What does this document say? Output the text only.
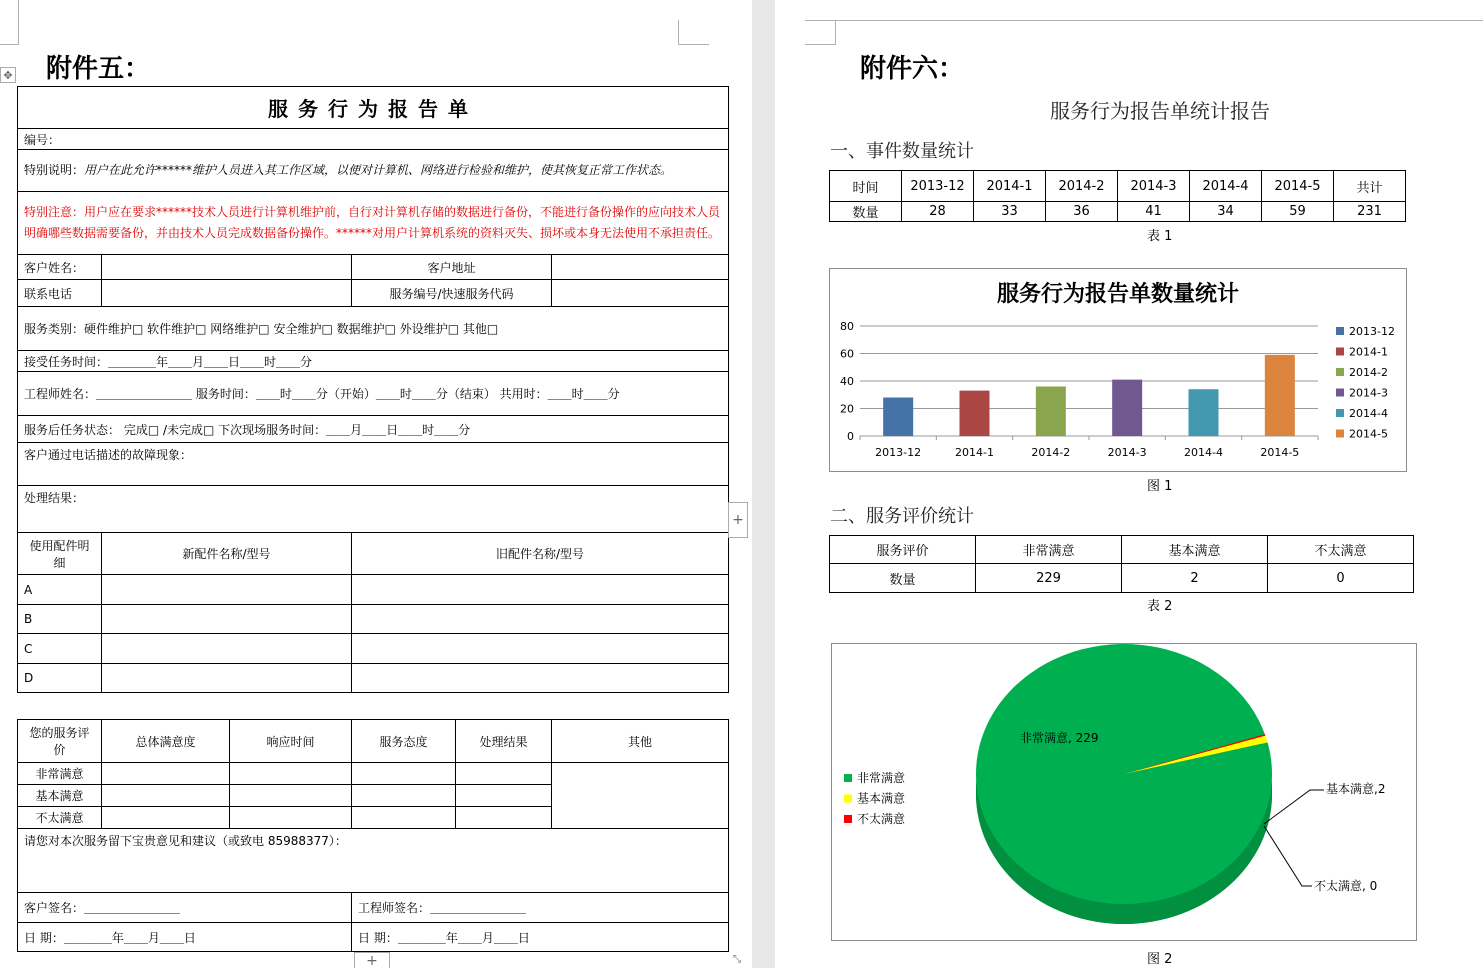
✥ 附件五：
服务行为报告单			
编号：			
特别说明：用户在此允许******维护人员进入其工作区域，以便对计算机、网络进行检验和维护，使其恢复正常工作状态。			
特别注意：用户应在要求******技术人员进行计算机维护前，自行对计算机存储的数据进行备份，不能进行备份操作的应向技术人员明确哪些数据需要备份，并由技术人员完成数据备份操作。******对用户计算机系统的资料灭失、损坏或本身无法使用不承担责任。			
客户姓名：		客户地址	
联系电话		服务编号/快速服务代码	
服务类别：硬件维护□ 软件维护□ 网络维护□ 安全维护□ 数据维护□ 外设维护□ 其他□			
接受任务时间：＿＿＿＿年＿＿月＿＿日＿＿时＿＿分			
工程师姓名：＿＿＿＿＿＿＿＿ 服务时间：＿＿时＿＿分（开始）＿＿时＿＿分（结束） 共用时：＿＿时＿＿分			
服务后任务状态： 完成□ /未完成□ 下次现场服务时间：＿＿月＿＿日＿＿时＿＿分			
客户通过电话描述的故障现象：			
处理结果：			
使用配件明细	新配件名称/型号	旧配件名称/型号	
A			
B			
C			
D			
您的服务评价	总体满意度	响应时间	服务态度	处理结果	其他
非常满意					
基本满意					
不太满意					
请您对本次服务留下宝贵意见和建议（或致电 85988377）：					
客户签名：＿＿＿＿＿＿＿＿			工程师签名：＿＿＿＿＿＿＿＿		
日 期：＿＿＿＿年＿＿月＿＿日			日 期：＿＿＿＿年＿＿月＿＿日		
+
+	⤡
附件六：
服务行为报告单统计报告
一、事件数量统计
时间	2013-12	2014-1	2014-2	2014-3	2014-4	2014-5	共计
数量	28	33	36	41	34	59	231
表 1
服务行为报告单数量统计
0
20
40
60
80
2013-12	2014-1	2014-2	2014-3	2014-4	2014-5
2013-12
2014-1
2014-2
2014-3
2014-4
2014-5
图 1
二、服务评价统计
服务评价	非常满意	基本满意	不太满意
数量	229	2	0
表 2
非常满意, 229
基本满意,2
不太满意, 0
非常满意
基本满意
不太满意
图 2
